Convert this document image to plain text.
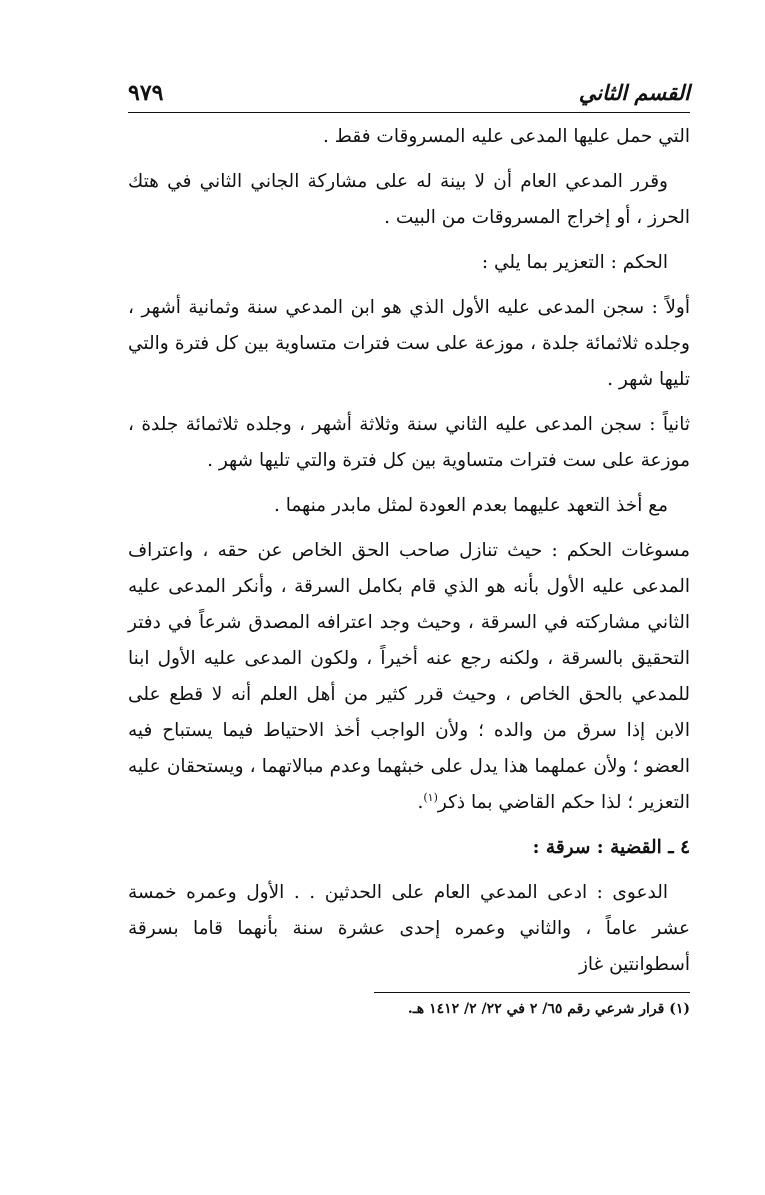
القسم الثاني
٩٧٩

التي حمل عليها المدعى عليه المسروقات فقط .

وقرر المدعي العام أن لا بينة له على مشاركة الجاني الثاني في هتك الحرز ، أو إخراج المسروقات من البيت .

الحكم : التعزير بما يلي :

أولاً : سجن المدعى عليه الأول الذي هو ابن المدعي سنة وثمانية أشهر ، وجلده ثلاثمائة جلدة ، موزعة على ست فترات متساوية بين كل فترة والتي تليها شهر .

ثانياً : سجن المدعى عليه الثاني سنة وثلاثة أشهر ، وجلده ثلاثمائة جلدة ، موزعة على ست فترات متساوية بين كل فترة والتي تليها شهر .

مع أخذ التعهد عليهما بعدم العودة لمثل مابدر منهما .

مسوغات الحكم : حيث تنازل صاحب الحق الخاص عن حقه ، واعتراف المدعى عليه الأول بأنه هو الذي قام بكامل السرقة ، وأنكر المدعى عليه الثاني مشاركته في السرقة ، وحيث وجد اعترافه المصدق شرعاً في دفتر التحقيق بالسرقة ، ولكنه رجع عنه أخيراً ، ولكون المدعى عليه الأول ابنا للمدعي بالحق الخاص ، وحيث قرر كثير من أهل العلم أنه لا قطع على الابن إذا سرق من والده ؛ ولأن الواجب أخذ الاحتياط فيما يستباح فيه العضو ؛ ولأن عملهما هذا يدل على خبثهما وعدم مبالاتهما ، ويستحقان عليه التعزير ؛ لذا حكم القاضي بما ذكر$^{(١)}$.

٤ ـ القضية : سرقة :

الدعوى : ادعى المدعي العام على الحدثين . . الأول وعمره خمسة عشر عاماً ، والثاني وعمره إحدى عشرة سنة بأنهما قاما بسرقة أسطوانتين غاز

(١) قرار شرعي رقم ٦٥/ ٢ في ٢٢/ ٢/ ١٤١٢ هـ.
